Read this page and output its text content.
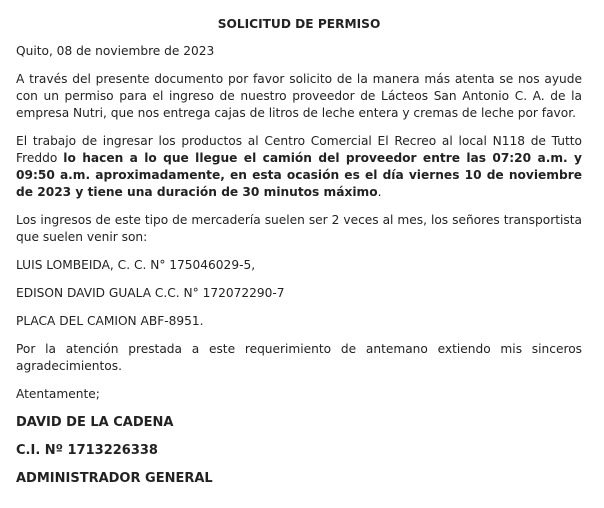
SOLICITUD DE PERMISO

Quito, 08 de noviembre de 2023

A través del presente documento por favor solicito de la manera más atenta se nos ayude con un permiso para el ingreso de nuestro proveedor de Lácteos San Antonio C. A. de la empresa Nutri, que nos entrega cajas de litros de leche entera y cremas de leche por favor.

El trabajo de ingresar los productos al Centro Comercial El Recreo al local N118 de Tutto Freddo lo hacen a lo que llegue el camión del proveedor entre las 07:20 a.m. y 09:50 a.m. aproximadamente, en esta ocasión es el día viernes 10 de noviembre de 2023 y tiene una duración de 30 minutos máximo.

Los ingresos de este tipo de mercadería suelen ser 2 veces al mes, los señores transportista que suelen venir son:

LUIS LOMBEIDA, C. C. N° 175046029-5,

EDISON DAVID GUALA C.C. N° 172072290-7

PLACA DEL CAMION ABF-8951.

Por la atención prestada a este requerimiento de antemano extiendo mis sinceros agradecimientos.

Atentamente;

DAVID DE LA CADENA
C.I. Nº 1713226338
ADMINISTRADOR GENERAL
